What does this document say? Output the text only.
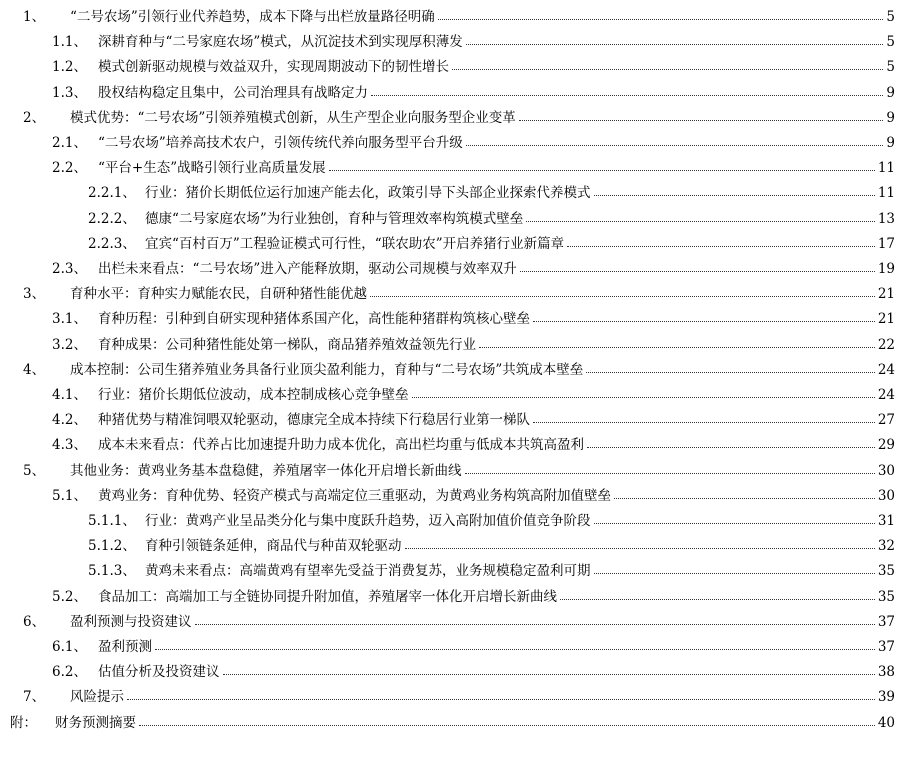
1、 “二号农场”引领行业代养趋势，成本下降与出栏放量路径明确	5
1.1、 深耕育种与“二号家庭农场”模式，从沉淀技术到实现厚积薄发	5
1.2、 模式创新驱动规模与效益双升，实现周期波动下的韧性增长	5
1.3、 股权结构稳定且集中，公司治理具有战略定力	9
2、 模式优势：“二号农场”引领养殖模式创新，从生产型企业向服务型企业变革	9
2.1、 “二号农场”培养高技术农户，引领传统代养向服务型平台升级	9
2.2、 “平台+生态”战略引领行业高质量发展	11
2.2.1、 行业：猪价长期低位运行加速产能去化，政策引导下头部企业探索代养模式	11
2.2.2、 德康“二号家庭农场”为行业独创，育种与管理效率构筑模式壁垒	13
2.2.3、 宜宾“百村百万”工程验证模式可行性，“联农助农”开启养猪行业新篇章	17
2.3、 出栏未来看点：“二号农场”进入产能释放期，驱动公司规模与效率双升	19
3、 育种水平：育种实力赋能农民，自研种猪性能优越	21
3.1、 育种历程：引种到自研实现种猪体系国产化，高性能种猪群构筑核心壁垒	21
3.2、 育种成果：公司种猪性能处第一梯队，商品猪养殖效益领先行业	22
4、 成本控制：公司生猪养殖业务具备行业顶尖盈利能力，育种与“二号农场”共筑成本壁垒	24
4.1、 行业：猪价长期低位波动，成本控制成核心竞争壁垒	24
4.2、 种猪优势与精准饲喂双轮驱动，德康完全成本持续下行稳居行业第一梯队	27
4.3、 成本未来看点：代养占比加速提升助力成本优化，高出栏均重与低成本共筑高盈利	29
5、 其他业务：黄鸡业务基本盘稳健，养殖屠宰一体化开启增长新曲线	30
5.1、 黄鸡业务：育种优势、轻资产模式与高端定位三重驱动，为黄鸡业务构筑高附加值壁垒	30
5.1.1、 行业：黄鸡产业呈品类分化与集中度跃升趋势，迈入高附加值价值竞争阶段	31
5.1.2、 育种引领链条延伸，商品代与种苗双轮驱动	32
5.1.3、 黄鸡未来看点：高端黄鸡有望率先受益于消费复苏，业务规模稳定盈利可期	35
5.2、 食品加工：高端加工与全链协同提升附加值，养殖屠宰一体化开启增长新曲线	35
6、 盈利预测与投资建议	37
6.1、 盈利预测	37
6.2、 估值分析及投资建议	38
7、 风险提示	39
附： 财务预测摘要	40
